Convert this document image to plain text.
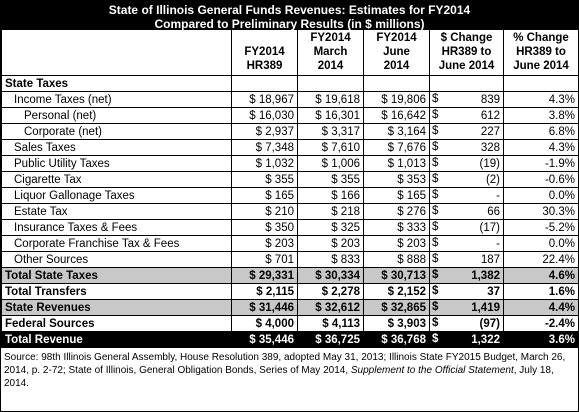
State of Illinois General Funds Revenues: Estimates for FY2014
Compared to Preliminary Results (in $ millions)
	FY2014
HR389	FY2014
March
2014	FY2014
June
2014	$ Change
HR389 to
June 2014	% Change
HR389 to
June 2014
State Taxes					
Income Taxes (net)	$ 18,967	$ 19,618	$ 19,806	$ 839	4.3%
Personal (net)	$ 16,030	$ 16,301	$ 16,642	$ 612	3.8%
Corporate (net)	$ 2,937	$ 3,317	$ 3,164	$ 227	6.8%
Sales Taxes	$ 7,348	$ 7,610	$ 7,676	$ 328	4.3%
Public Utility Taxes	$ 1,032	$ 1,006	$ 1,013	$ (19)	-1.9%
Cigarette Tax	$ 355	$ 355	$ 353	$ (2)	-0.6%
Liquor Gallonage Taxes	$ 165	$ 166	$ 165	$ -	0.0%
Estate Tax	$ 210	$ 218	$ 276	$ 66	30.3%
Insurance Taxes & Fees	$ 350	$ 325	$ 333	$ (17)	-5.2%
Corporate Franchise Tax & Fees	$ 203	$ 203	$ 203	$ -	0.0%
Other Sources	$ 701	$ 833	$ 888	$ 187	22.4%
Total State Taxes	$ 29,331	$ 30,334	$ 30,713	$ 1,382	4.6%
Total Transfers	$ 2,115	$ 2,278	$ 2,152	$ 37	1.6%
State Revenues	$ 31,446	$ 32,612	$ 32,865	$ 1,419	4.4%
Federal Sources	$ 4,000	$ 4,113	$ 3,903	$ (97)	-2.4%
Total Revenue	$ 35,446	$ 36,725	$ 36,768	$ 1,322	3.6%
Source: 98th Illinois General Assembly, House Resolution 389, adopted May 31, 2013; Illinois State FY2015 Budget, March 26, 2014, p. 2-72; State of Illinois, General Obligation Bonds, Series of May 2014, Supplement to the Official Statement, July 18, 2014.
